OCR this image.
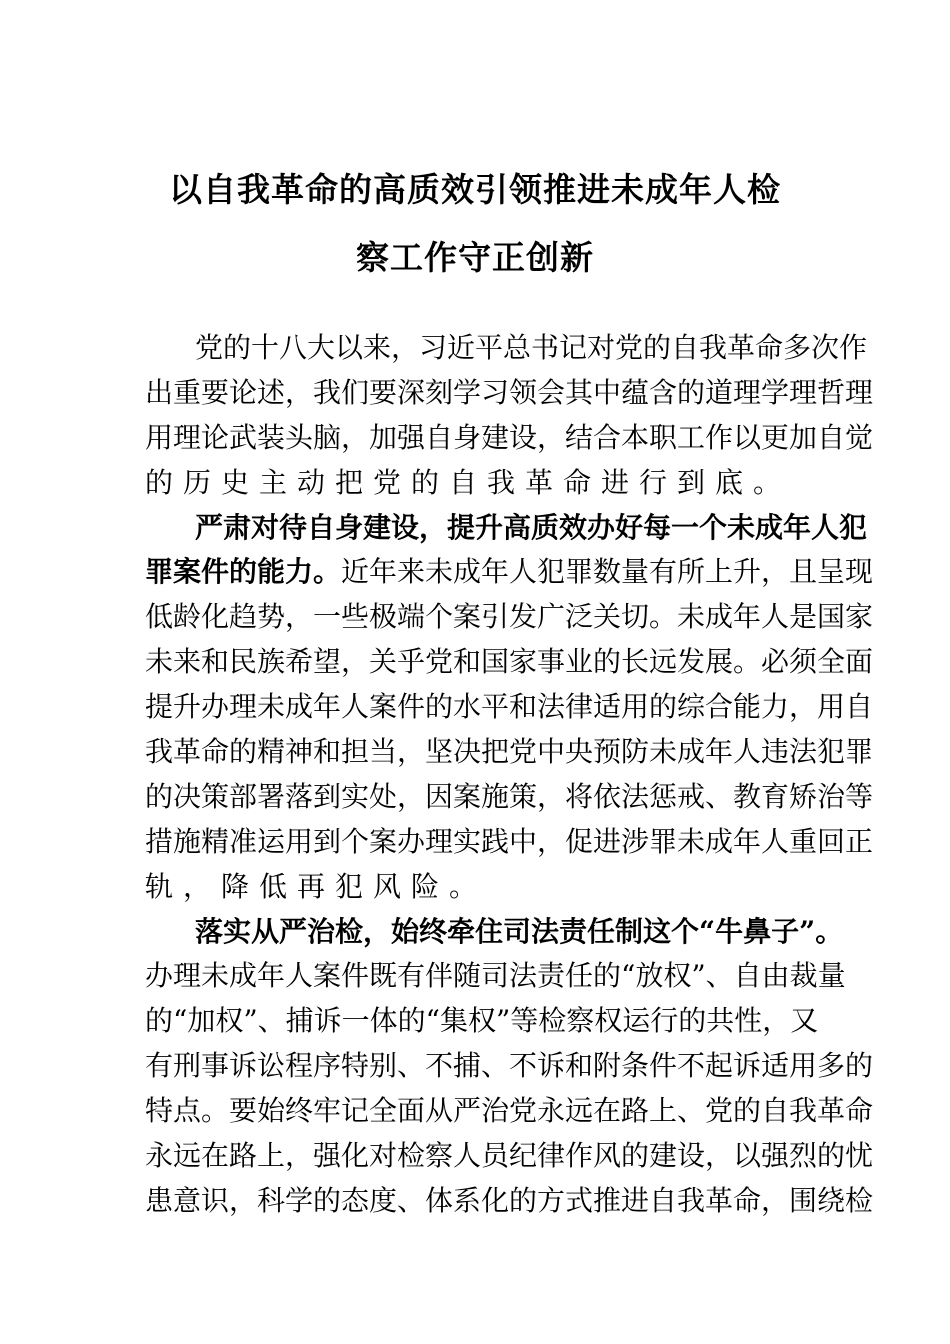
以自我革命的高质效引领推进未成年人检
察工作守正创新
党的十八大以来，习近平总书记对党的自我革命多次作
出重要论述，我们要深刻学习领会其中蕴含的道理学理哲理
用理论武装头脑，加强自身建设，结合本职工作以更加自觉
的历史主动把党的自我革命进行到底。
严肃对待自身建设，提升高质效办好每一个未成年人犯
罪案件的能力。近年来未成年人犯罪数量有所上升，且呈现
低龄化趋势，一些极端个案引发广泛关切。未成年人是国家
未来和民族希望，关乎党和国家事业的长远发展。必须全面
提升办理未成年人案件的水平和法律适用的综合能力，用自
我革命的精神和担当，坚决把党中央预防未成年人违法犯罪
的决策部署落到实处，因案施策，将依法惩戒、教育矫治等
措施精准运用到个案办理实践中，促进涉罪未成年人重回正
轨，降低再犯风险。
落实从严治检，始终牵住司法责任制这个“牛鼻子”。
办理未成年人案件既有伴随司法责任的“放权”、自由裁量
的“加权”、捕诉一体的“集权”等检察权运行的共性，又
有刑事诉讼程序特别、不捕、不诉和附条件不起诉适用多的
特点。要始终牢记全面从严治党永远在路上、党的自我革命
永远在路上，强化对检察人员纪律作风的建设，以强烈的忧
患意识，科学的态度、体系化的方式推进自我革命，围绕检
